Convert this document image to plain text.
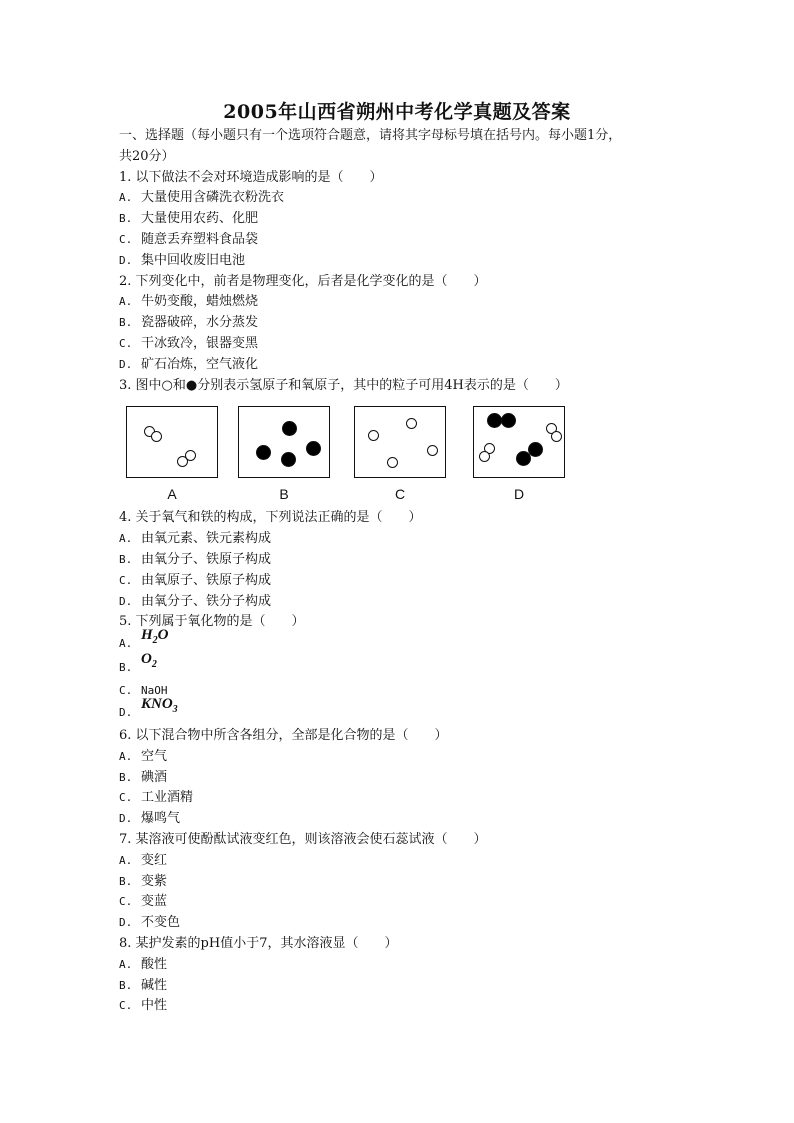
2005年山西省朔州中考化学真题及答案
一、选择题（每小题只有一个选项符合题意，请将其字母标号填在括号内。每小题1分，
共20分）
1. 以下做法不会对环境造成影响的是（　　）
A. 大量使用含磷洗衣粉洗衣
B. 大量使用农药、化肥
C. 随意丢弃塑料食品袋
D. 集中回收废旧电池
2. 下列变化中，前者是物理变化，后者是化学变化的是（　　）
A. 牛奶变酸，蜡烛燃烧
B. 瓷器破碎，水分蒸发
C. 干冰致冷，银器变黑
D. 矿石冶炼，空气液化
3. 图中○和●分别表示氢原子和氧原子，其中的粒子可用4H表示的是（　　）
A	B	C	D
4. 关于氧气和铁的构成，下列说法正确的是（　　）
A. 由氧元素、铁元素构成
B. 由氧分子、铁原子构成
C. 由氧原子、铁原子构成
D. 由氧分子、铁分子构成
5. 下列属于氧化物的是（　　）
$A.H_2O$
$B.O_2$
C. NaOH
$D.KNO_3$
6. 以下混合物中所含各组分，全部是化合物的是（　　）
A. 空气
B. 碘酒
C. 工业酒精
D. 爆鸣气
7. 某溶液可使酚酞试液变红色，则该溶液会使石蕊试液（　　）
A. 变红
B. 变紫
C. 变蓝
D. 不变色
8. 某护发素的pH值小于7，其水溶液显（　　）
A. 酸性
B. 碱性
C. 中性
